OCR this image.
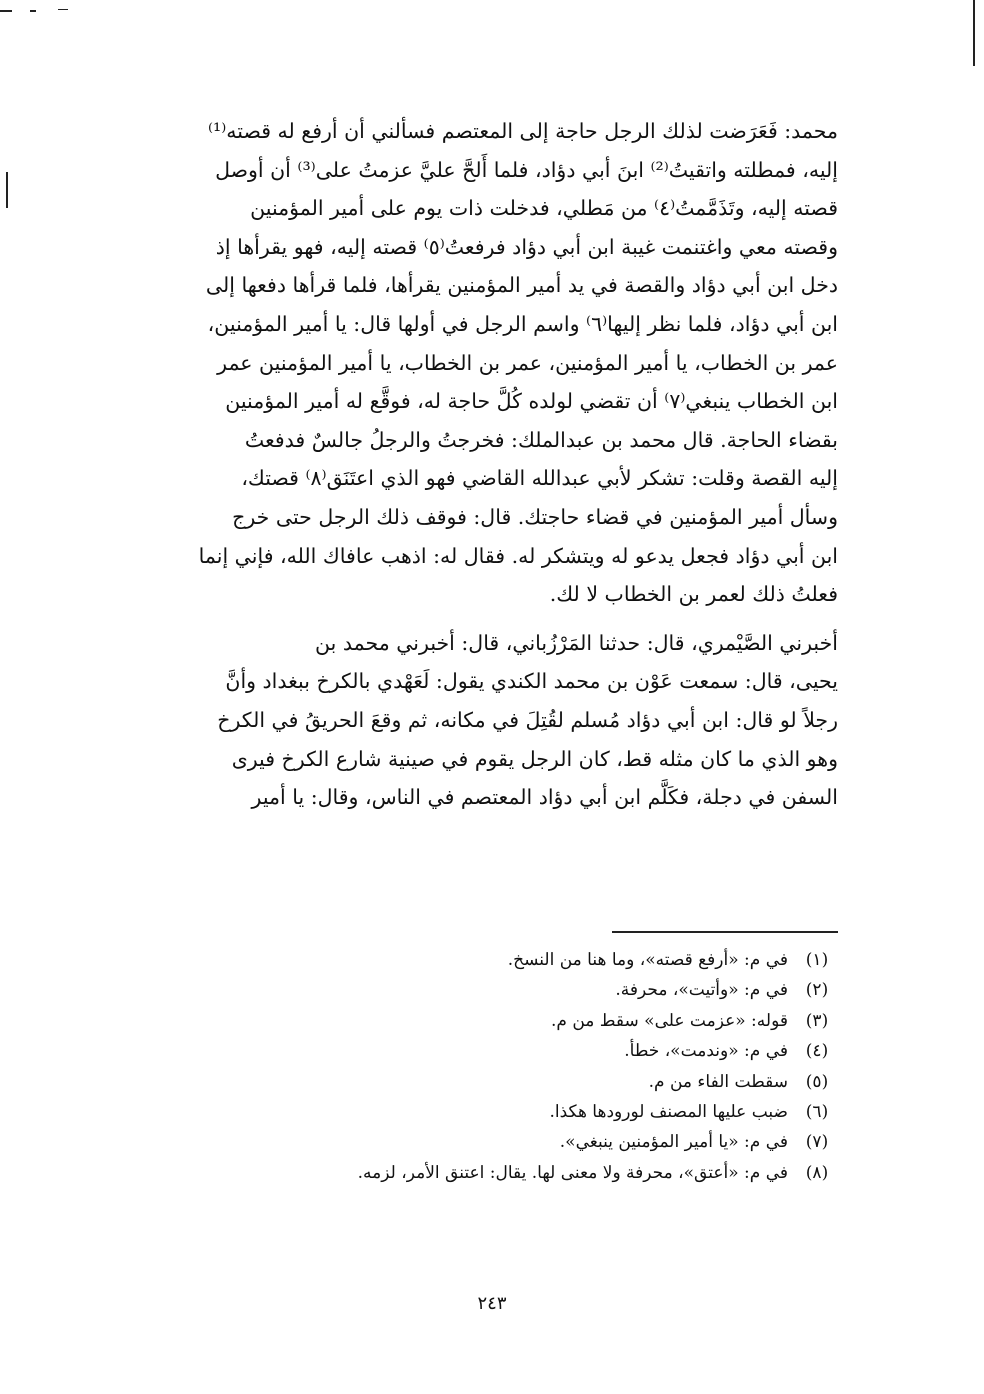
محمد: فَعَرَضت لذلك الرجل حاجة إلى المعتصم فسألني أن أرفع له قصته⁽¹⁾
إليه، فمطلته واتقيتُ⁽²⁾ ابنَ أبي دؤاد، فلما أَلحَّ عليَّ عزمتُ على⁽³⁾ أن أوصل
قصته إليه، وتَذَمَّمتُ⁽٤⁾ من مَطلي، فدخلت ذات يوم على أمير المؤمنين
وقصته معي واغتنمت غيبة ابن أبي دؤاد فرفعتُ⁽٥⁾ قصته إليه، فهو يقرأها إذ
دخل ابن أبي دؤاد والقصة في يد أمير المؤمنين يقرأها، فلما قرأها دفعها إلى
ابن أبي دؤاد، فلما نظر إليها⁽٦⁾ واسم الرجل في أولها قال: يا أمير المؤمنين،
عمر بن الخطاب، يا أمير المؤمنين، عمر بن الخطاب، يا أمير المؤمنين عمر
ابن الخطاب ينبغي⁽٧⁾ أن تقضي لولده كُلَّ حاجة له، فوقَّع له أمير المؤمنين
بقضاء الحاجة. قال محمد بن عبدالملك: فخرجتُ والرجلُ جالسٌ فدفعتُ
إليه القصة وقلت: تشكر لأبي عبدالله القاضي فهو الذي اعتَنَق⁽٨⁾ قصتك،
وسأل أمير المؤمنين في قضاء حاجتك. قال: فوقف ذلك الرجل حتى خرج
ابن أبي دؤاد فجعل يدعو له ويتشكر له. فقال له: اذهب عافاك الله، فإني إنما
فعلتُ ذلك لعمر بن الخطاب لا لك.

أخبرني الصَّيْمري، قال: حدثنا المَرْزُباني، قال: أخبرني محمد بن
يحيى، قال: سمعت عَوْن بن محمد الكندي يقول: لَعَهْدي بالكرخ ببغداد وأنَّ
رجلاً لو قال: ابن أبي دؤاد مُسلم لقُتِلَ في مكانه، ثم وقعَ الحريقُ في الكرخ
وهو الذي ما كان مثله قط، كان الرجل يقوم في صينية شارع الكرخ فيرى
السفن في دجلة، فكَلَّم ابن أبي دؤاد المعتصم في الناس، وقال: يا أمير

(١)
في م: «أرفع قصته»، وما هنا من النسخ.
(٢)
في م: «وأتيت»، محرفة.
(٣)
قوله: «عزمت على» سقط من م.
(٤)
في م: «وندمت»، خطأ.
(٥)
سقطت الفاء من م.
(٦)
ضبب عليها المصنف لورودها هكذا.
(٧)
في م: «يا أمير المؤمنين ينبغي».
(٨)
في م: «أعتق»، محرفة ولا معنى لها. يقال: اعتنق الأمر، لزمه.
٢٤٣
